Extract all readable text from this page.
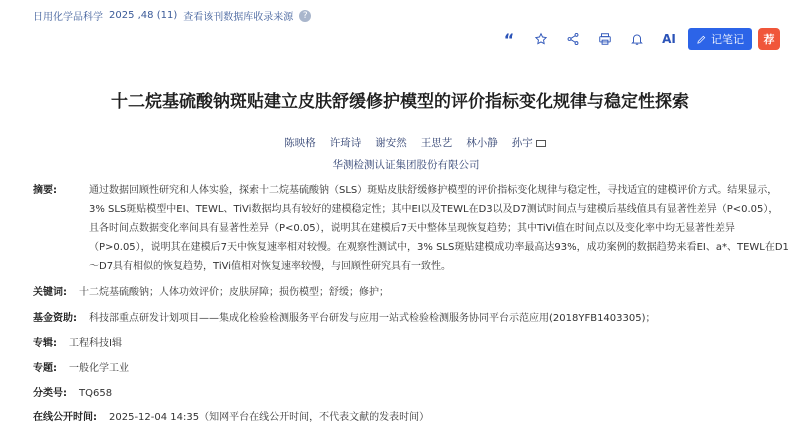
日用化学品科学 2025 ,48 (11) 查看该刊数据库收录来源	?
“	AI	记笔记	荐
十二烷基硫酸钠斑贴建立皮肤舒缓修护模型的评价指标变化规律与稳定性探索
陈映格 许琦诗 谢安然 王思艺 林小静 孙宇
华测检测认证集团股份有限公司
摘要:	通过数据回顾性研究和人体实验，探索十二烷基硫酸钠（SLS）斑贴皮肤舒缓修护模型的评价指标变化规律与稳定性，寻找适宜的建模评价方式。结果显示，
3% SLS斑贴模型中EI、TEWL、TiVi数据均具有较好的建模稳定性；其中EI以及TEWL在D3以及D7测试时间点与建模后基线值具有显著性差异（P<0.05），
且各时间点数据变化率间具有显著性差异（P<0.05），说明其在建模后7天中整体呈现恢复趋势；其中TiVi值在时间点以及变化率中均无显著性差异
（P>0.05），说明其在建模后7天中恢复速率相对较慢。在观察性测试中，3% SLS斑贴建模成功率最高达93%，成功案例的数据趋势来看EI、a*、TEWL在D1
～D7具有相似的恢复趋势，TiVi值相对恢复速率较慢，与回顾性研究具有一致性。
关键词:	十二烷基硫酸钠；人体功效评价；皮肤屏障；损伤模型；舒缓；修护；
基金资助:	科技部重点研发计划项目——集成化检验检测服务平台研发与应用一站式检验检测服务协同平台示范应用(2018YFB1403305)；
专辑:	工程科技Ⅰ辑
专题:	一般化学工业
分类号:	TQ658
在线公开时间:	2025-12-04 14:35（知网平台在线公开时间，不代表文献的发表时间）
